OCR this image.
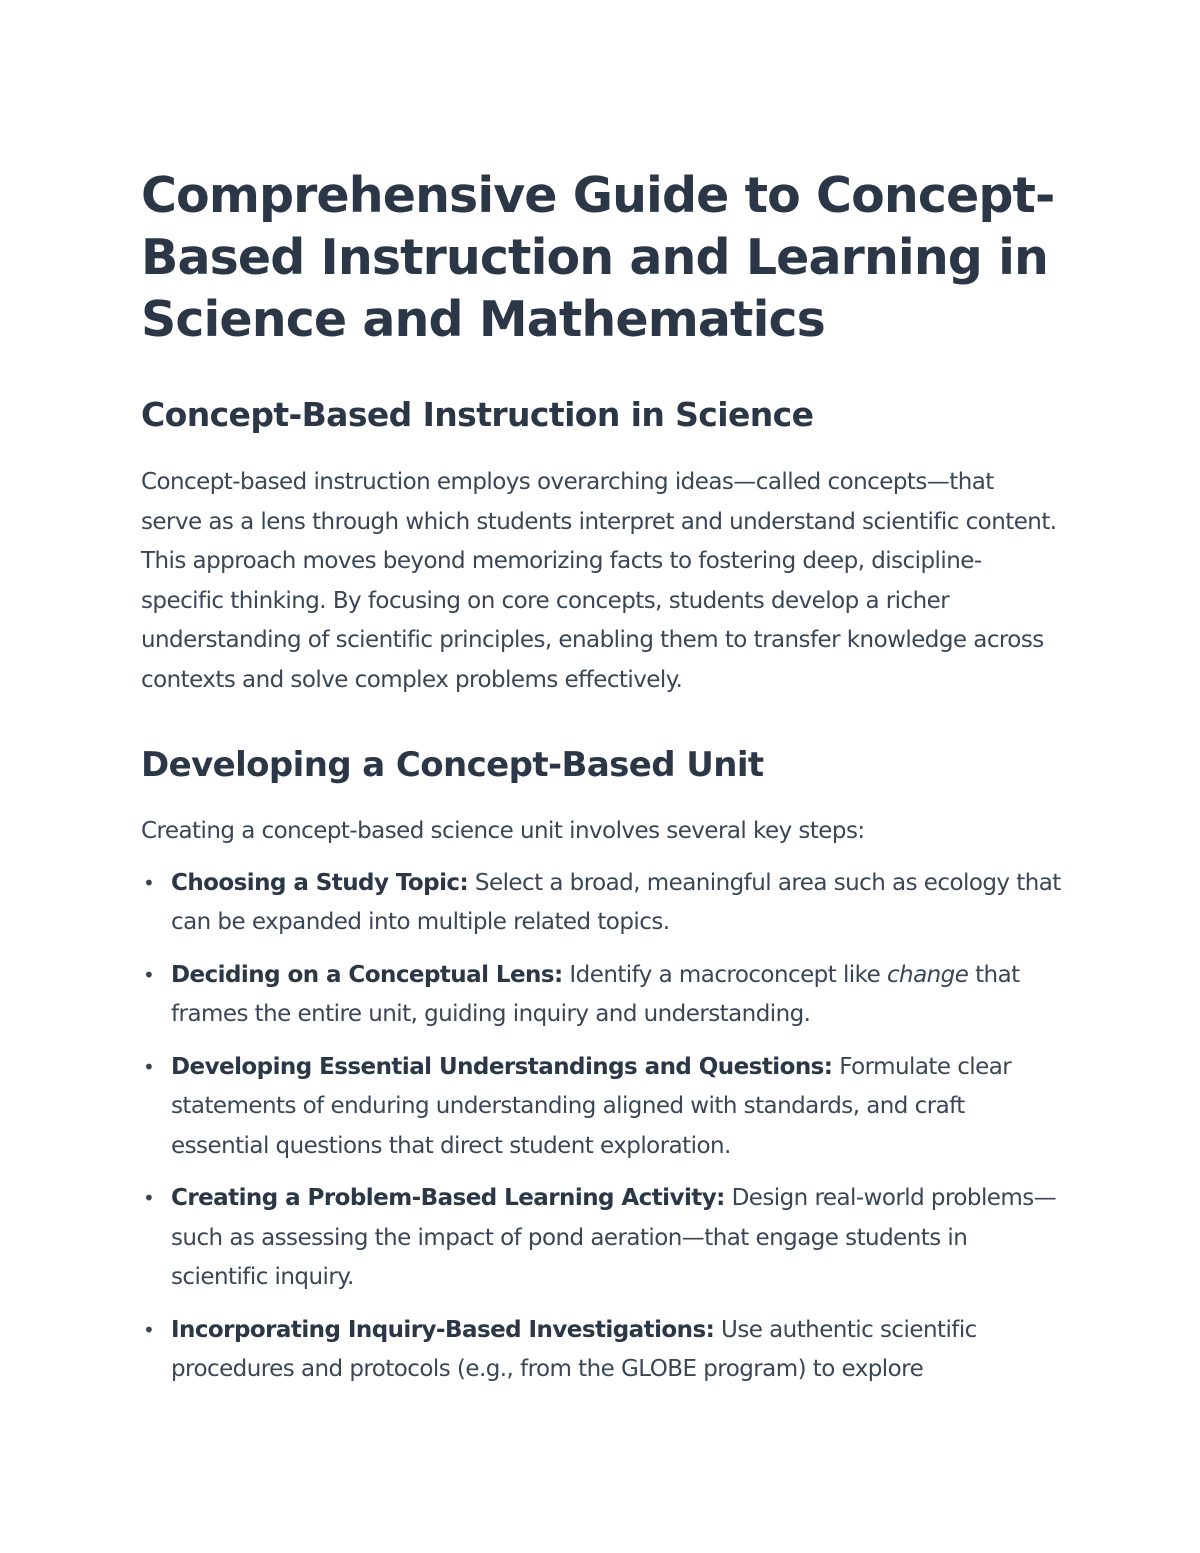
Comprehensive Guide to Concept-Based Instruction and Learning in Science and Mathematics
Concept-Based Instruction in Science

Concept-based instruction employs overarching ideas—called concepts—that serve as a lens through which students interpret and understand scientific content. This approach moves beyond memorizing facts to fostering deep, discipline-specific thinking. By focusing on core concepts, students develop a richer understanding of scientific principles, enabling them to transfer knowledge across contexts and solve complex problems effectively.

Developing a Concept-Based Unit

Creating a concept-based science unit involves several key steps:

• Choosing a Study Topic: Select a broad, meaningful area such as ecology that can be expanded into multiple related topics.
• Deciding on a Conceptual Lens: Identify a macroconcept like change that frames the entire unit, guiding inquiry and understanding.
• Developing Essential Understandings and Questions: Formulate clear statements of enduring understanding aligned with standards, and craft essential questions that direct student exploration.
• Creating a Problem-Based Learning Activity: Design real-world problems—such as assessing the impact of pond aeration—that engage students in scientific inquiry.
• Incorporating Inquiry-Based Investigations: Use authentic scientific procedures and protocols (e.g., from the GLOBE program) to explore
